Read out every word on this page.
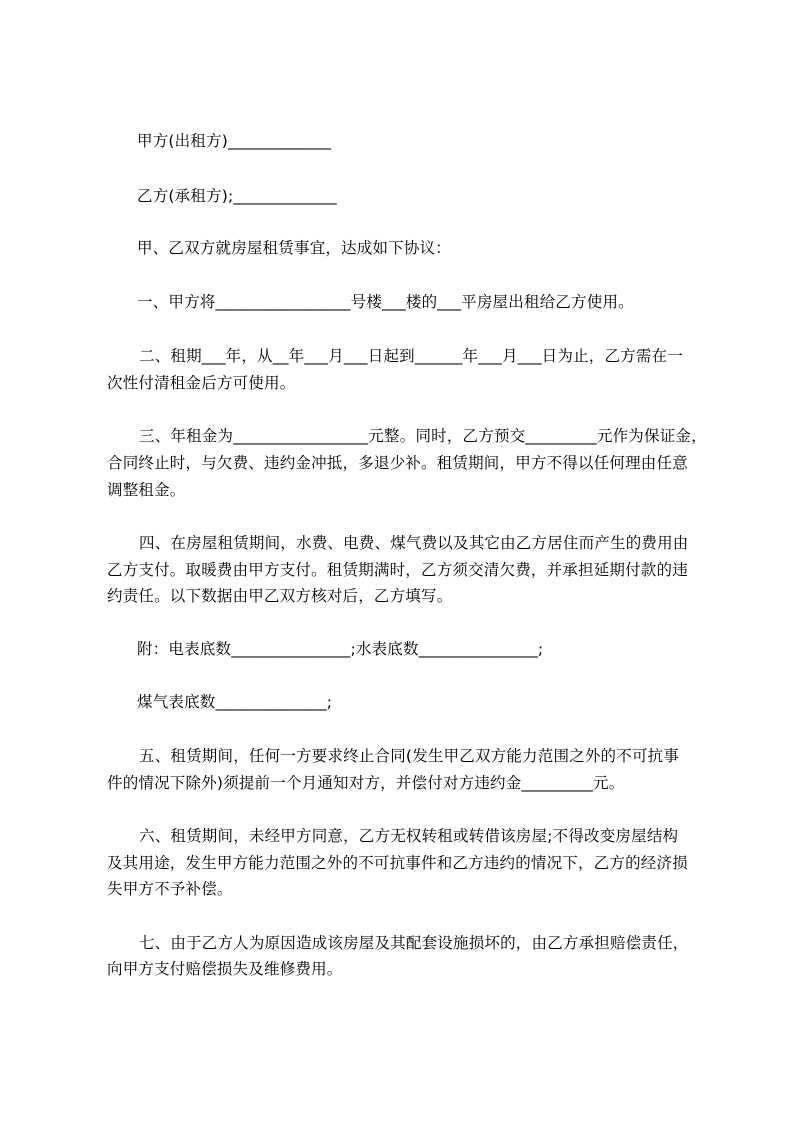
甲方(出租方)_____________
乙方(承租方);_____________
甲、乙双方就房屋租赁事宜，达成如下协议：
一、甲方将_________________号楼___楼的___平房屋出租给乙方使用。
二、租期___年，从__年___月___日起到______年___月___日为止，乙方需在一
次性付清租金后方可使用。
三、年租金为_________________元整。同时，乙方预交_________元作为保证金，
合同终止时，与欠费、违约金冲抵，多退少补。租赁期间，甲方不得以任何理由任意
调整租金。
四、在房屋租赁期间，水费、电费、煤气费以及其它由乙方居住而产生的费用由
乙方支付。取暖费由甲方支付。租赁期满时，乙方须交清欠费，并承担延期付款的违
约责任。以下数据由甲乙双方核对后，乙方填写。
附：电表底数_______________;水表底数_______________;
煤气表底数______________;
五、租赁期间，任何一方要求终止合同(发生甲乙双方能力范围之外的不可抗事
件的情况下除外)须提前一个月通知对方，并偿付对方违约金_________元。
六、租赁期间，未经甲方同意，乙方无权转租或转借该房屋;不得改变房屋结构
及其用途，发生甲方能力范围之外的不可抗事件和乙方违约的情况下，乙方的经济损
失甲方不予补偿。
七、由于乙方人为原因造成该房屋及其配套设施损坏的，由乙方承担赔偿责任，
向甲方支付赔偿损失及维修费用。
